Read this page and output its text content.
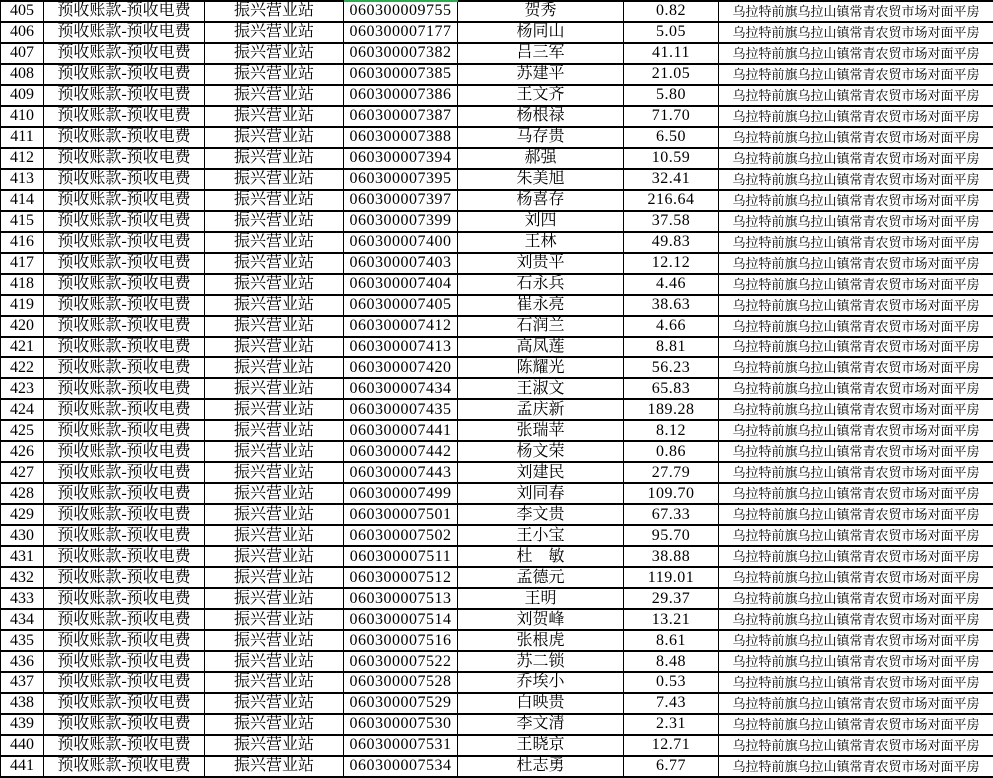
405	预收账款-预收电费	振兴营业站	060300009755	贺秀	0.82	乌拉特前旗乌拉山镇常青农贸市场对面平房
406	预收账款-预收电费	振兴营业站	060300007177	杨同山	5.05	乌拉特前旗乌拉山镇常青农贸市场对面平房
407	预收账款-预收电费	振兴营业站	060300007382	吕三军	41.11	乌拉特前旗乌拉山镇常青农贸市场对面平房
408	预收账款-预收电费	振兴营业站	060300007385	苏建平	21.05	乌拉特前旗乌拉山镇常青农贸市场对面平房
409	预收账款-预收电费	振兴营业站	060300007386	王文齐	5.80	乌拉特前旗乌拉山镇常青农贸市场对面平房
410	预收账款-预收电费	振兴营业站	060300007387	杨根禄	71.70	乌拉特前旗乌拉山镇常青农贸市场对面平房
411	预收账款-预收电费	振兴营业站	060300007388	马存贵	6.50	乌拉特前旗乌拉山镇常青农贸市场对面平房
412	预收账款-预收电费	振兴营业站	060300007394	郝强	10.59	乌拉特前旗乌拉山镇常青农贸市场对面平房
413	预收账款-预收电费	振兴营业站	060300007395	朱美旭	32.41	乌拉特前旗乌拉山镇常青农贸市场对面平房
414	预收账款-预收电费	振兴营业站	060300007397	杨喜存	216.64	乌拉特前旗乌拉山镇常青农贸市场对面平房
415	预收账款-预收电费	振兴营业站	060300007399	刘四	37.58	乌拉特前旗乌拉山镇常青农贸市场对面平房
416	预收账款-预收电费	振兴营业站	060300007400	王林	49.83	乌拉特前旗乌拉山镇常青农贸市场对面平房
417	预收账款-预收电费	振兴营业站	060300007403	刘贵平	12.12	乌拉特前旗乌拉山镇常青农贸市场对面平房
418	预收账款-预收电费	振兴营业站	060300007404	石永兵	4.46	乌拉特前旗乌拉山镇常青农贸市场对面平房
419	预收账款-预收电费	振兴营业站	060300007405	崔永亮	38.63	乌拉特前旗乌拉山镇常青农贸市场对面平房
420	预收账款-预收电费	振兴营业站	060300007412	石润兰	4.66	乌拉特前旗乌拉山镇常青农贸市场对面平房
421	预收账款-预收电费	振兴营业站	060300007413	高凤莲	8.81	乌拉特前旗乌拉山镇常青农贸市场对面平房
422	预收账款-预收电费	振兴营业站	060300007420	陈耀光	56.23	乌拉特前旗乌拉山镇常青农贸市场对面平房
423	预收账款-预收电费	振兴营业站	060300007434	王淑文	65.83	乌拉特前旗乌拉山镇常青农贸市场对面平房
424	预收账款-预收电费	振兴营业站	060300007435	孟庆新	189.28	乌拉特前旗乌拉山镇常青农贸市场对面平房
425	预收账款-预收电费	振兴营业站	060300007441	张瑞苹	8.12	乌拉特前旗乌拉山镇常青农贸市场对面平房
426	预收账款-预收电费	振兴营业站	060300007442	杨文荣	0.86	乌拉特前旗乌拉山镇常青农贸市场对面平房
427	预收账款-预收电费	振兴营业站	060300007443	刘建民	27.79	乌拉特前旗乌拉山镇常青农贸市场对面平房
428	预收账款-预收电费	振兴营业站	060300007499	刘同春	109.70	乌拉特前旗乌拉山镇常青农贸市场对面平房
429	预收账款-预收电费	振兴营业站	060300007501	李文贵	67.33	乌拉特前旗乌拉山镇常青农贸市场对面平房
430	预收账款-预收电费	振兴营业站	060300007502	王小宝	95.70	乌拉特前旗乌拉山镇常青农贸市场对面平房
431	预收账款-预收电费	振兴营业站	060300007511	杜　敏	38.88	乌拉特前旗乌拉山镇常青农贸市场对面平房
432	预收账款-预收电费	振兴营业站	060300007512	孟德元	119.01	乌拉特前旗乌拉山镇常青农贸市场对面平房
433	预收账款-预收电费	振兴营业站	060300007513	王明	29.37	乌拉特前旗乌拉山镇常青农贸市场对面平房
434	预收账款-预收电费	振兴营业站	060300007514	刘贺峰	13.21	乌拉特前旗乌拉山镇常青农贸市场对面平房
435	预收账款-预收电费	振兴营业站	060300007516	张根虎	8.61	乌拉特前旗乌拉山镇常青农贸市场对面平房
436	预收账款-预收电费	振兴营业站	060300007522	苏二锁	8.48	乌拉特前旗乌拉山镇常青农贸市场对面平房
437	预收账款-预收电费	振兴营业站	060300007528	乔埃小	0.53	乌拉特前旗乌拉山镇常青农贸市场对面平房
438	预收账款-预收电费	振兴营业站	060300007529	白映贵	7.43	乌拉特前旗乌拉山镇常青农贸市场对面平房
439	预收账款-预收电费	振兴营业站	060300007530	李文清	2.31	乌拉特前旗乌拉山镇常青农贸市场对面平房
440	预收账款-预收电费	振兴营业站	060300007531	王晓京	12.71	乌拉特前旗乌拉山镇常青农贸市场对面平房
441	预收账款-预收电费	振兴营业站	060300007534	杜志勇	6.77	乌拉特前旗乌拉山镇常青农贸市场对面平房
